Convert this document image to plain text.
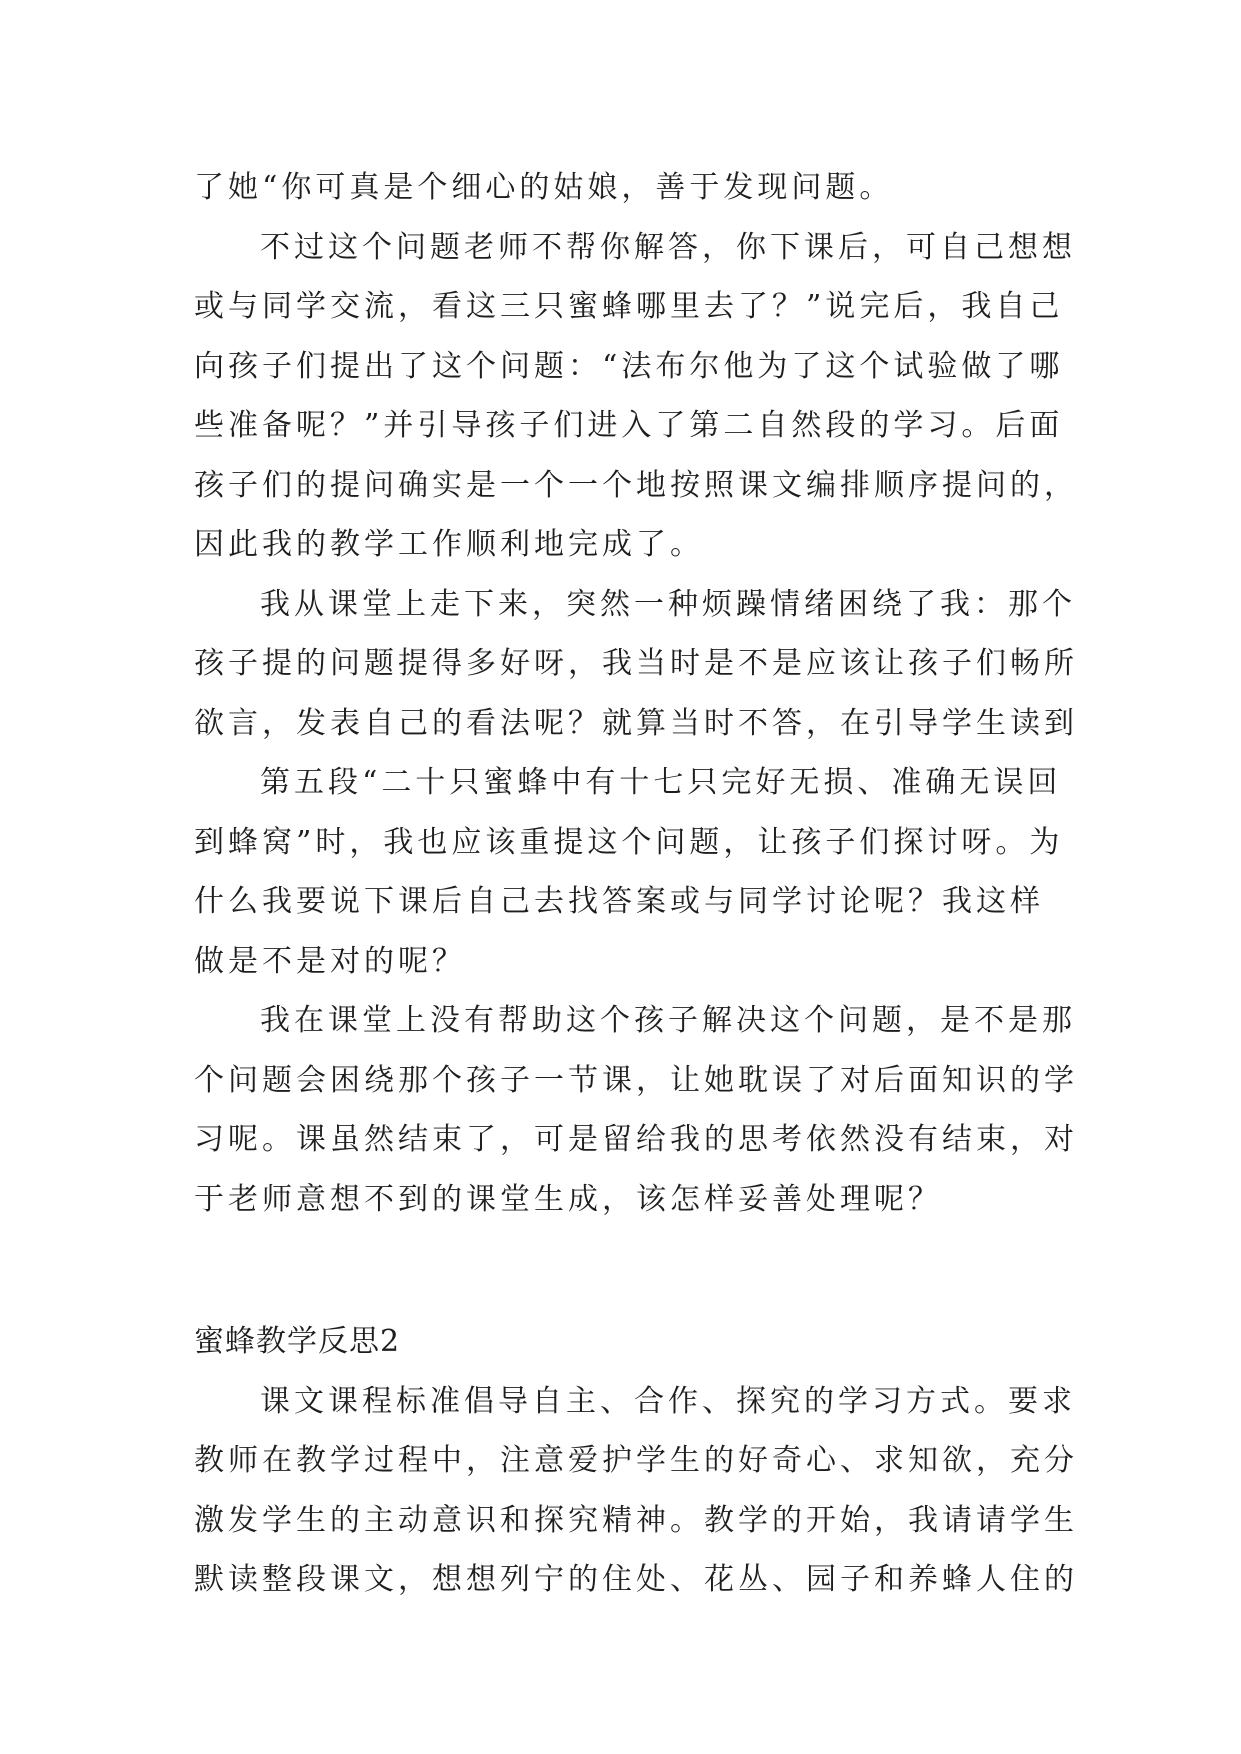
了她“你可真是个细心的姑娘，善于发现问题。

不过这个问题老师不帮你解答，你下课后，可自己想想

或与同学交流，看这三只蜜蜂哪里去了？”说完后，我自己

向孩子们提出了这个问题：“法布尔他为了这个试验做了哪

些准备呢？”并引导孩子们进入了第二自然段的学习。后面

孩子们的提问确实是一个一个地按照课文编排顺序提问的，

因此我的教学工作顺利地完成了。

我从课堂上走下来，突然一种烦躁情绪困绕了我：那个

孩子提的问题提得多好呀，我当时是不是应该让孩子们畅所

欲言，发表自己的看法呢？就算当时不答，在引导学生读到

第五段“二十只蜜蜂中有十七只完好无损、准确无误回

到蜂窝”时，我也应该重提这个问题，让孩子们探讨呀。为

什么我要说下课后自己去找答案或与同学讨论呢？我这样

做是不是对的呢？

我在课堂上没有帮助这个孩子解决这个问题，是不是那

个问题会困绕那个孩子一节课，让她耽误了对后面知识的学

习呢。课虽然结束了，可是留给我的思考依然没有结束，对

于老师意想不到的课堂生成，该怎样妥善处理呢？

蜜蜂教学反思2

课文课程标准倡导自主、合作、探究的学习方式。要求

教师在教学过程中，注意爱护学生的好奇心、求知欲，充分

激发学生的主动意识和探究精神。教学的开始，我请请学生

默读整段课文，想想列宁的住处、花丛、园子和养蜂人住的
